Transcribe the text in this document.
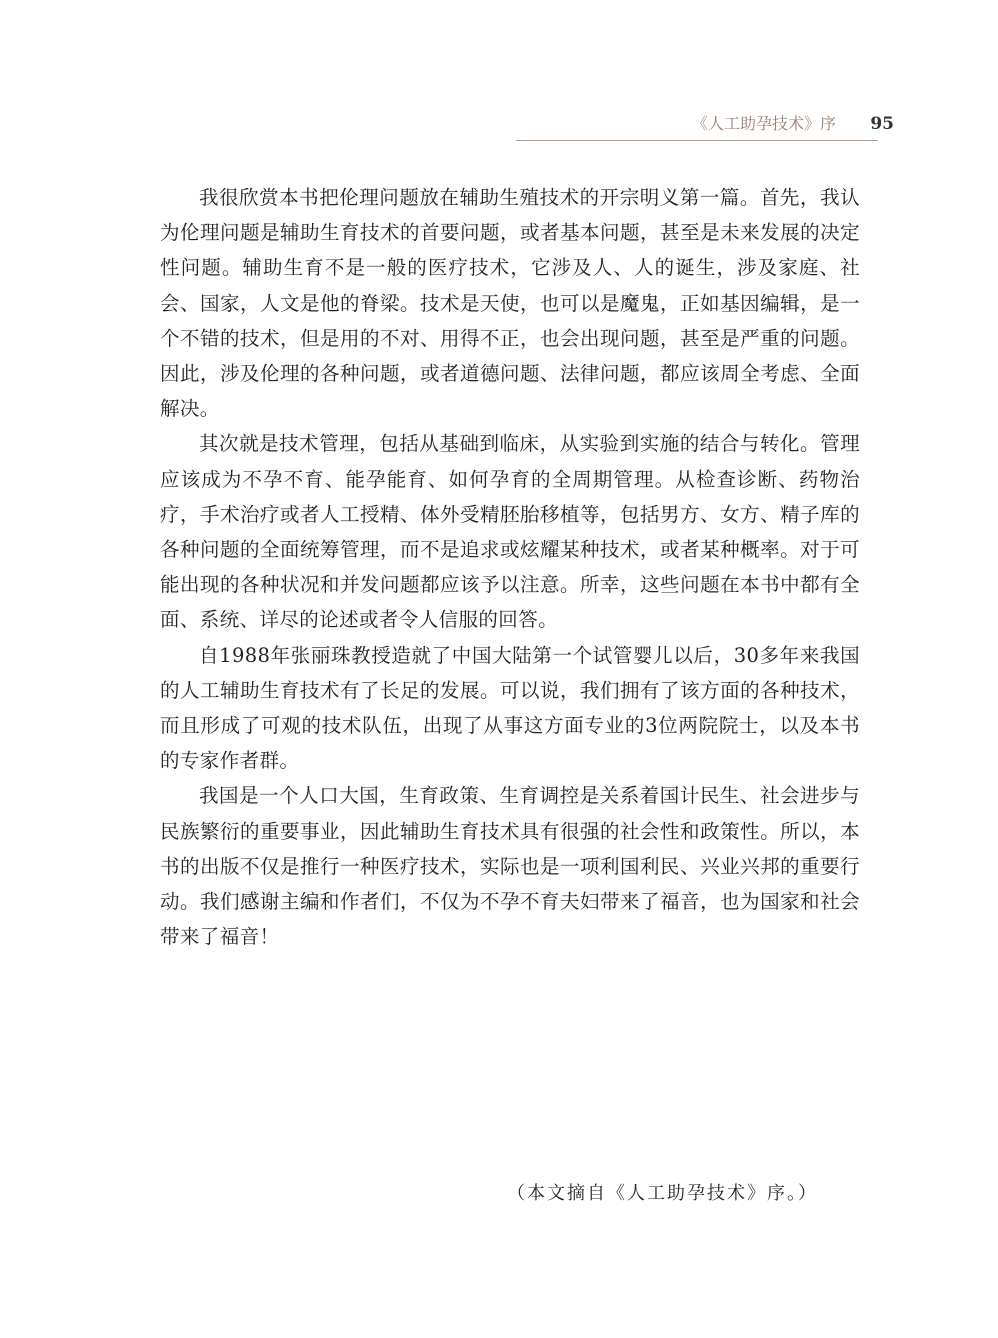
《人工助孕技术》序 95

我很欣赏本书把伦理问题放在辅助生殖技术的开宗明义第一篇。首先，我认为伦理问题是辅助生育技术的首要问题，或者基本问题，甚至是未来发展的决定性问题。辅助生育不是一般的医疗技术，它涉及人、人的诞生，涉及家庭、社会、国家，人文是他的脊梁。技术是天使，也可以是魔鬼，正如基因编辑，是一个不错的技术，但是用的不对、用得不正，也会出现问题，甚至是严重的问题。因此，涉及伦理的各种问题，或者道德问题、法律问题，都应该周全考虑、全面解决。

其次就是技术管理，包括从基础到临床，从实验到实施的结合与转化。管理应该成为不孕不育、能孕能育、如何孕育的全周期管理。从检查诊断、药物治疗，手术治疗或者人工授精、体外受精胚胎移植等，包括男方、女方、精子库的各种问题的全面统筹管理，而不是追求或炫耀某种技术，或者某种概率。对于可能出现的各种状况和并发问题都应该予以注意。所幸，这些问题在本书中都有全面、系统、详尽的论述或者令人信服的回答。

自1988年张丽珠教授造就了中国大陆第一个试管婴儿以后，30多年来我国的人工辅助生育技术有了长足的发展。可以说，我们拥有了该方面的各种技术，而且形成了可观的技术队伍，出现了从事这方面专业的3位两院院士，以及本书的专家作者群。

我国是一个人口大国，生育政策、生育调控是关系着国计民生、社会进步与民族繁衍的重要事业，因此辅助生育技术具有很强的社会性和政策性。所以，本书的出版不仅是推行一种医疗技术，实际也是一项利国利民、兴业兴邦的重要行动。我们感谢主编和作者们，不仅为不孕不育夫妇带来了福音，也为国家和社会带来了福音！

（本文摘自《人工助孕技术》序。）
